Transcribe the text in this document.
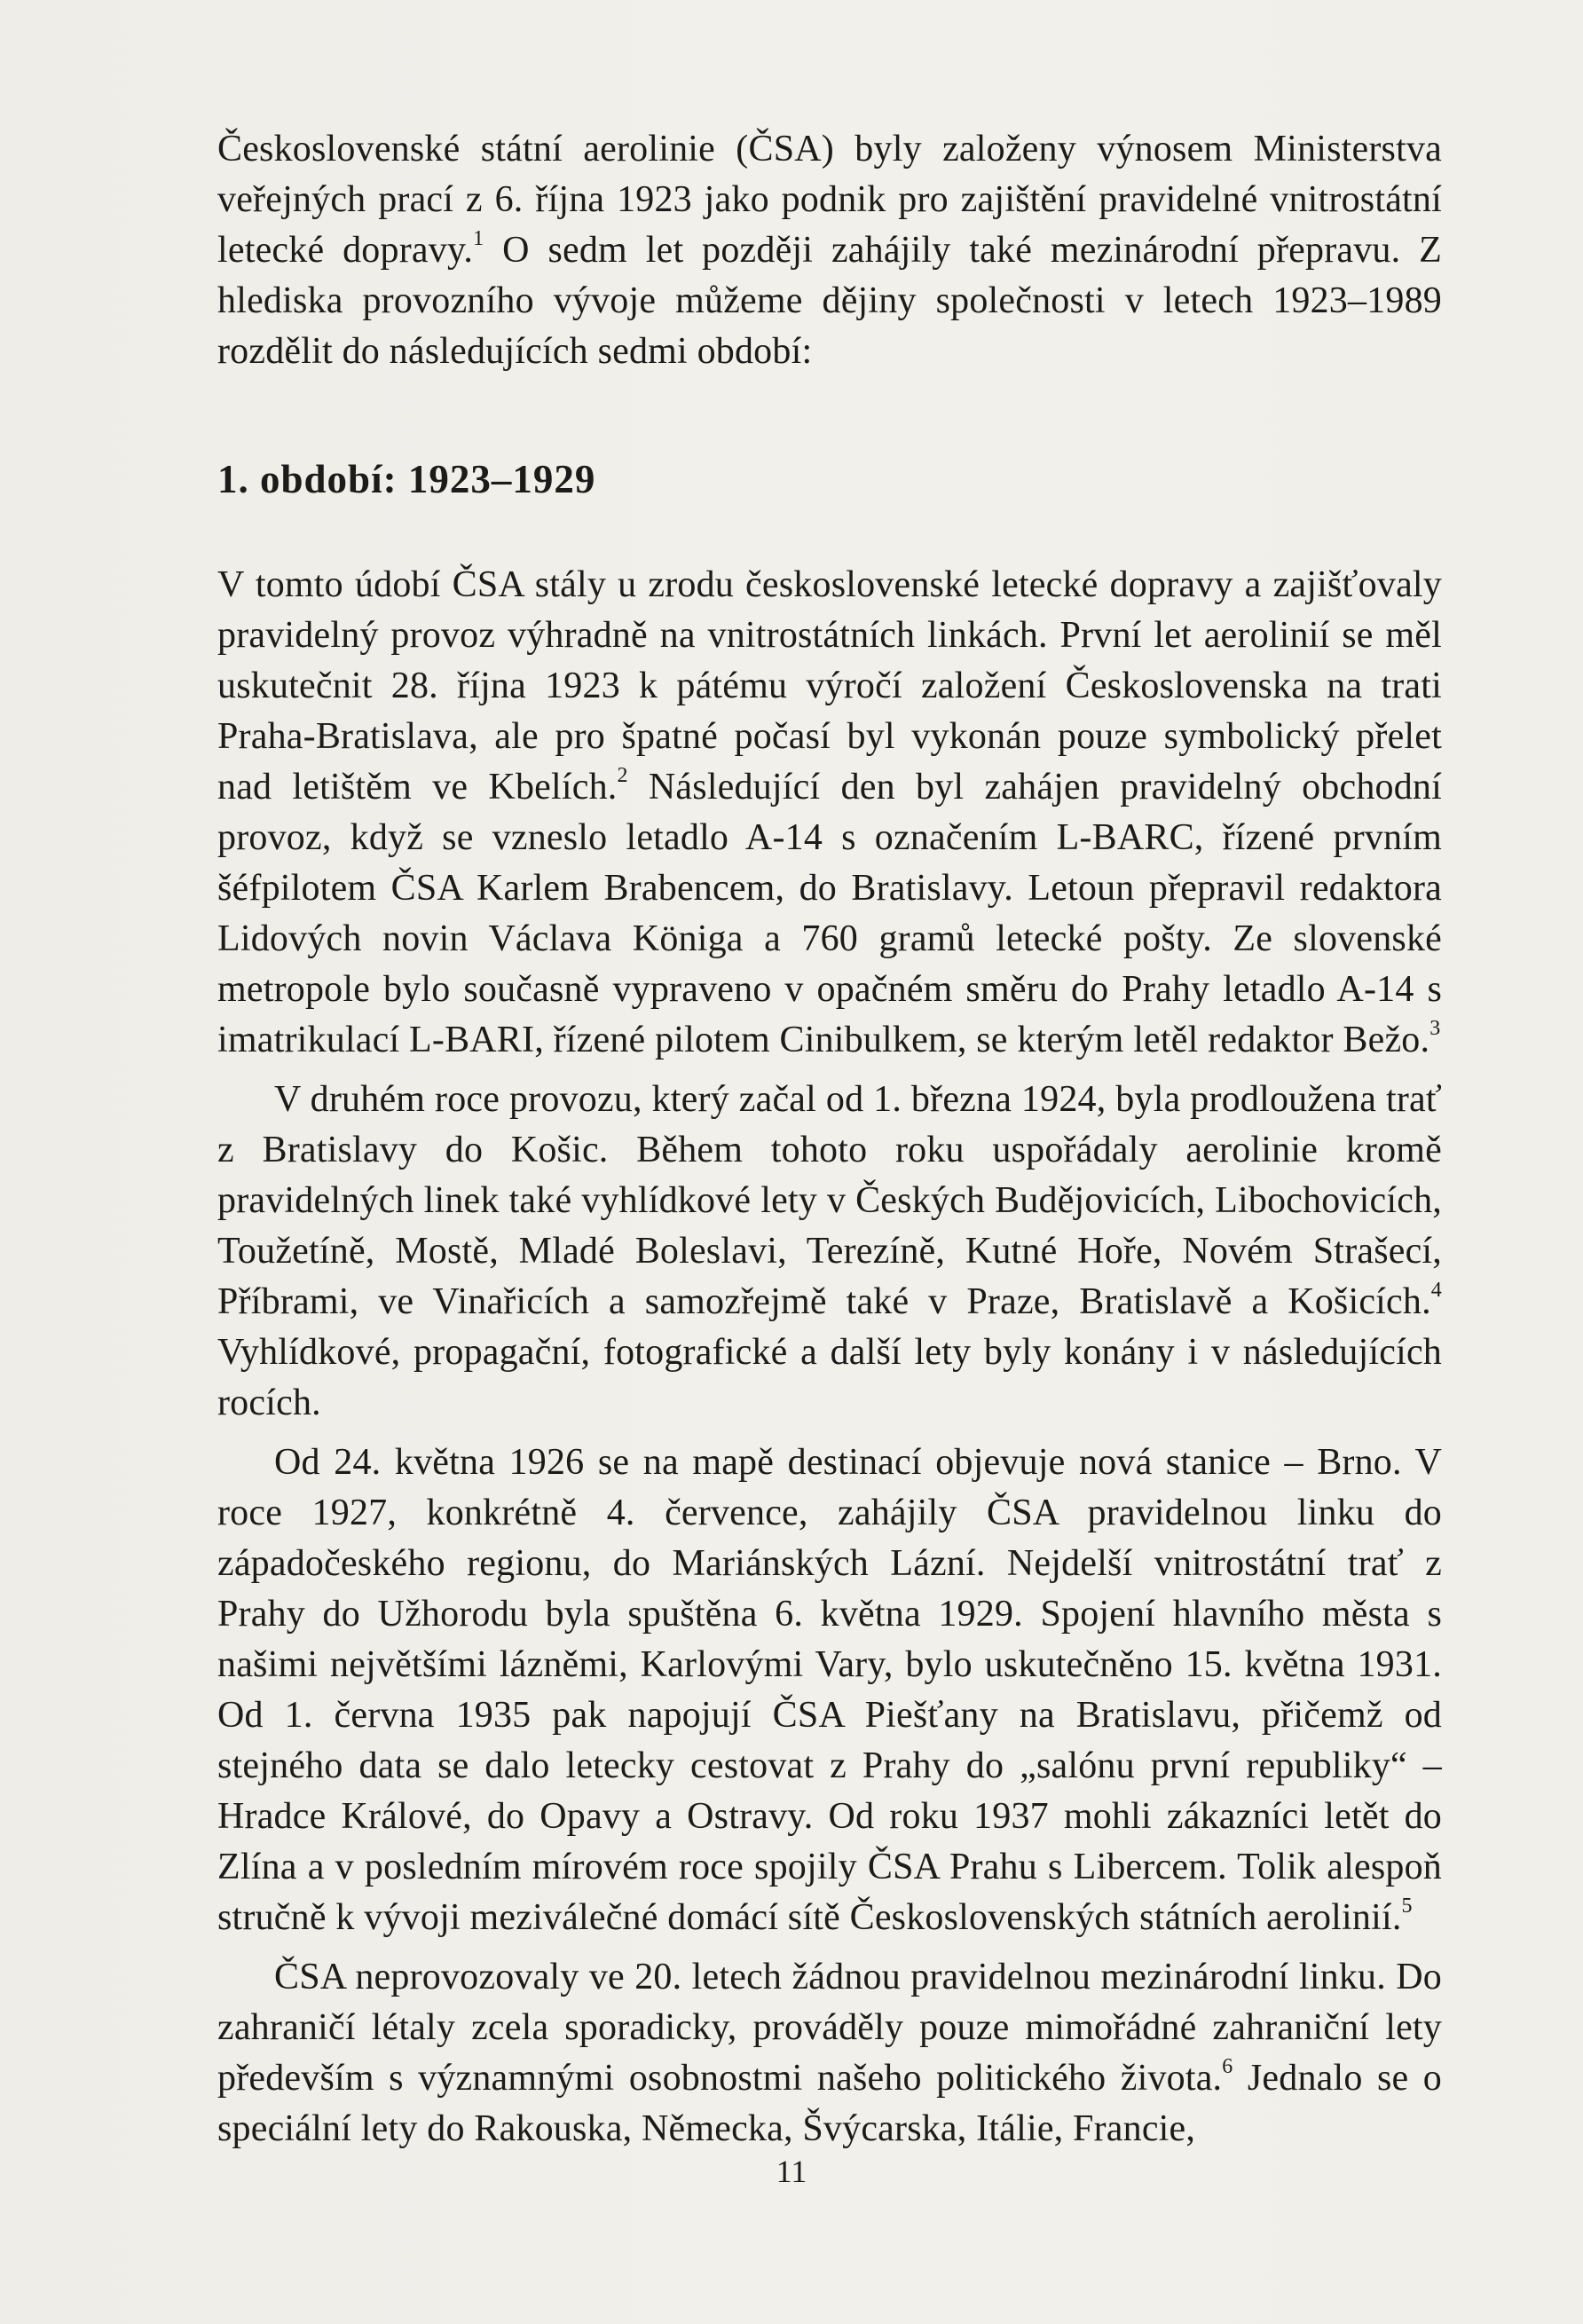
Československé státní aerolinie (ČSA) byly založeny výnosem Ministerstva veřejných prací z 6. října 1923 jako podnik pro zajištění pravidelné vnitrostátní letecké dopravy.$^1$ O sedm let později zahájily také mezinárodní přepravu. Z hlediska provozního vývoje můžeme dějiny společnosti v letech 1923–1989 rozdělit do následujících sedmi období:

1. období: 1923–1929

V tomto údobí ČSA stály u zrodu československé letecké dopravy a zajišťovaly pravidelný provoz výhradně na vnitrostátních linkách. První let aerolinií se měl uskutečnit 28. října 1923 k pátému výročí založení Československa na trati Praha-Bratislava, ale pro špatné počasí byl vykonán pouze symbolický přelet nad letištěm ve Kbelích.$^2$ Následující den byl zahájen pravidelný obchodní provoz, když se vzneslo letadlo A-14 s označením L-BARC, řízené prvním šéfpilotem ČSA Karlem Brabencem, do Bratislavy. Letoun přepravil redaktora Lidových novin Václava Königa a 760 gramů letecké pošty. Ze slovenské metropole bylo současně vypraveno v opačném směru do Prahy letadlo A-14 s imatrikulací L-BARI, řízené pilotem Cinibulkem, se kterým letěl redaktor Bežo.$^3$

V druhém roce provozu, který začal od 1. března 1924, byla prodloužena trať z Bratislavy do Košic. Během tohoto roku uspořádaly aerolinie kromě pravidelných linek také vyhlídkové lety v Českých Budějovicích, Libochovicích, Toužetíně, Mostě, Mladé Boleslavi, Terezíně, Kutné Hoře, Novém Strašecí, Příbrami, ve Vinařicích a samozřejmě také v Praze, Bratislavě a Košicích.$^4$ Vyhlídkové, propagační, fotografické a další lety byly konány i v následujících rocích.

Od 24. května 1926 se na mapě destinací objevuje nová stanice – Brno. V roce 1927, konkrétně 4. července, zahájily ČSA pravidelnou linku do západočeského regionu, do Mariánských Lázní. Nejdelší vnitrostátní trať z Prahy do Užhorodu byla spuštěna 6. května 1929. Spojení hlavního města s našimi největšími lázněmi, Karlovými Vary, bylo uskutečněno 15. května 1931. Od 1. června 1935 pak napojují ČSA Piešťany na Bratislavu, přičemž od stejného data se dalo letecky cestovat z Prahy do „salónu první republiky“ – Hradce Králové, do Opavy a Ostravy. Od roku 1937 mohli zákazníci letět do Zlína a v posledním mírovém roce spojily ČSA Prahu s Libercem. Tolik alespoň stručně k vývoji meziválečné domácí sítě Československých státních aerolinií.$^5$

ČSA neprovozovaly ve 20. letech žádnou pravidelnou mezinárodní linku. Do zahraničí létaly zcela sporadicky, prováděly pouze mimořádné zahraniční lety především s významnými osobnostmi našeho politického života.$^6$ Jednalo se o speciální lety do Rakouska, Německa, Švýcarska, Itálie, Francie,

11
